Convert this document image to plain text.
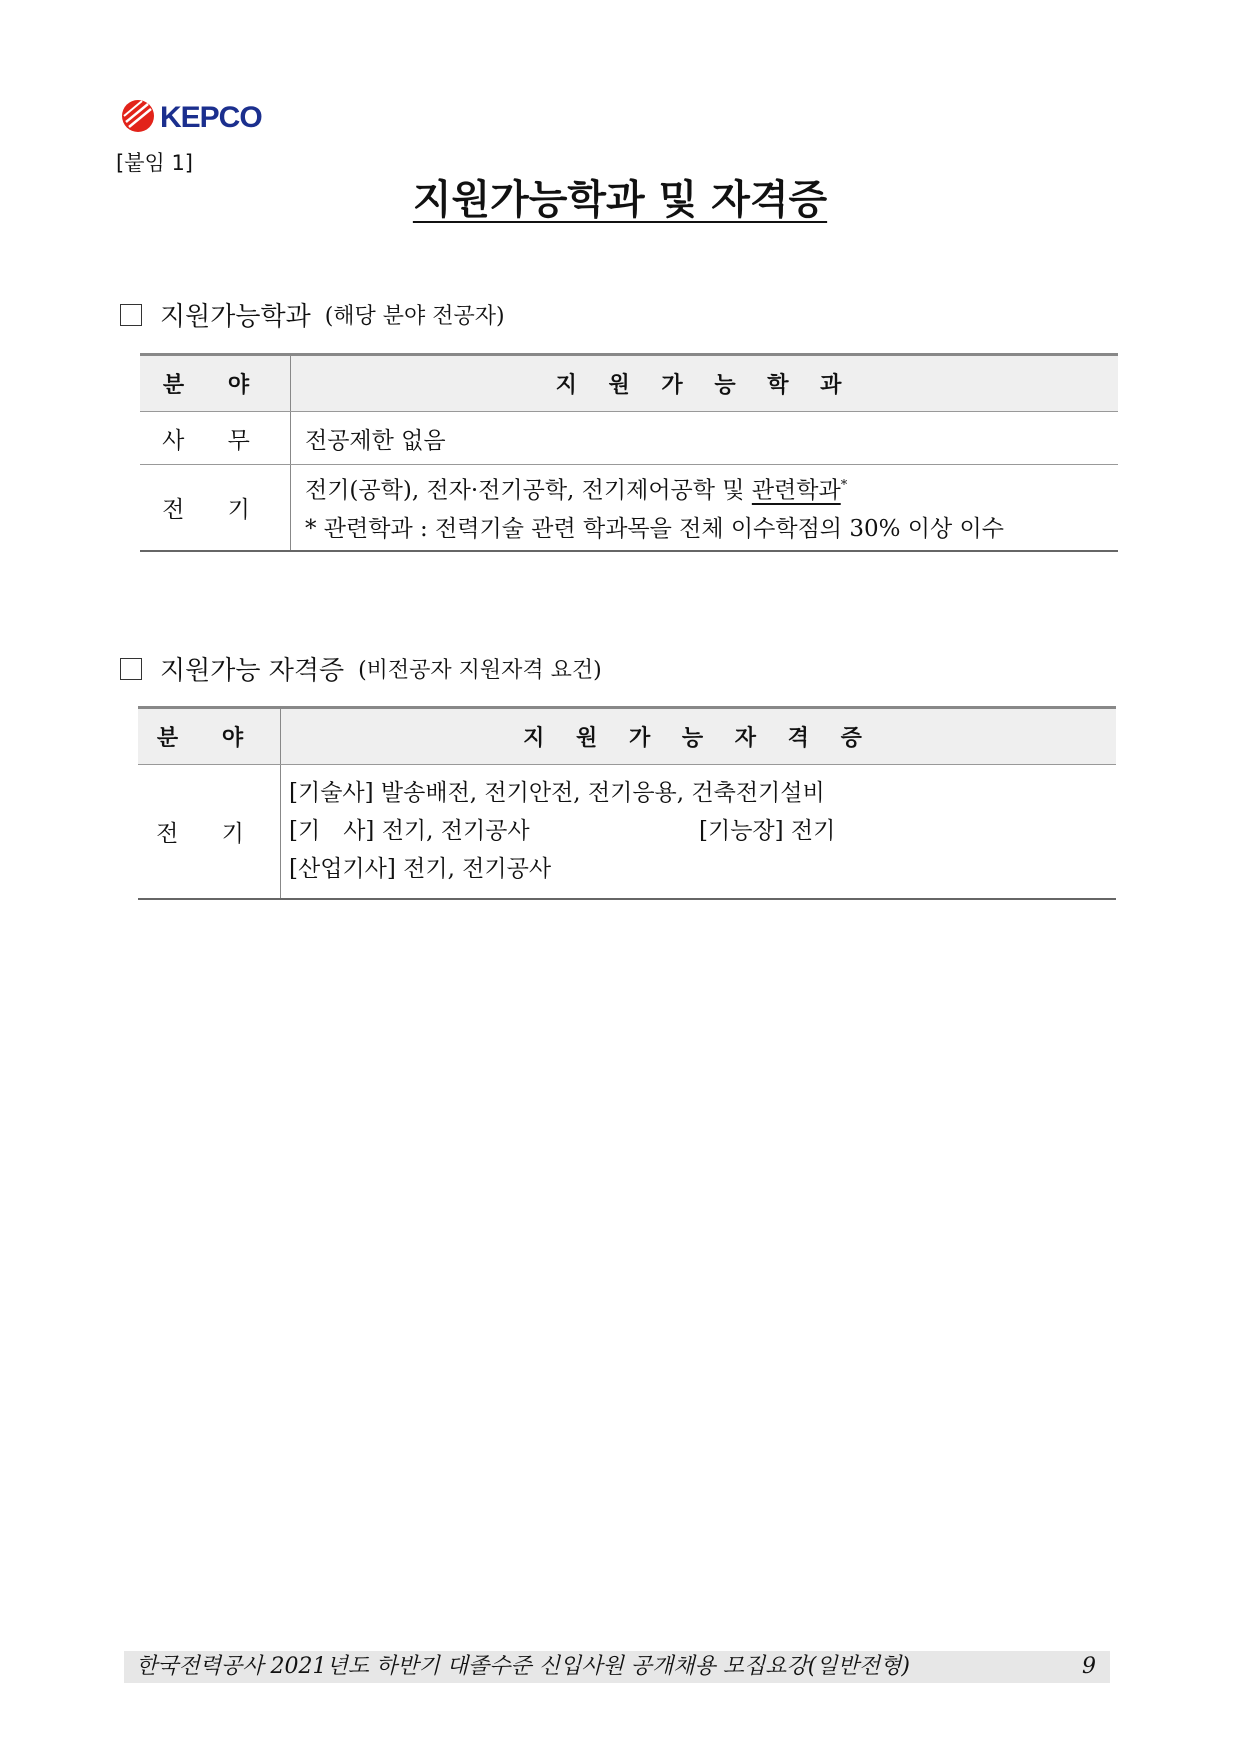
KEPCO
[붙임 1]
지원가능학과 및 자격증
지원가능학과 (해당 분야 전공자)
분 야	지 원 가 능 학 과
사 무	전공제한 없음
전 기	전기(공학), 전자·전기공학, 전기제어공학 및 관련학과*
* 관련학과 : 전력기술 관련 학과목을 전체 이수학점의 30% 이상 이수
지원가능 자격증 (비전공자 지원자격 요건)
분 야	지 원 가 능 자 격 증
전 기	[기술사] 발송배전, 전기안전, 전기응용, 건축전기설비
[기　사] 전기, 전기공사 [기능장] 전기
[산업기사] 전기, 전기공사
한국전력공사 2021년도 하반기 대졸수준 신입사원 공개채용 모집요강(일반전형)	9
